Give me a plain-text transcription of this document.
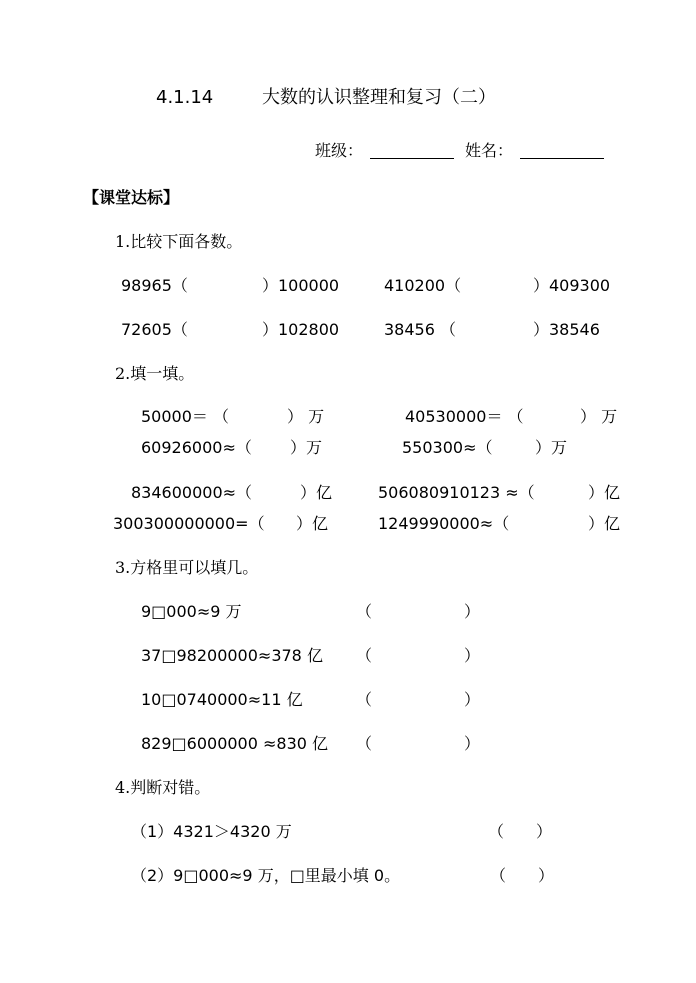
4.1.14	大数的认识整理和复习（二）
班级：	姓名：
【课堂达标】
1.比较下面各数。
98965（	）100000	410200（	）409300
72605（	）102800	38456 （	）38546
2.填一填。
50000＝ （	） 万	40530000＝ （	） 万
60926000≈（ ）万	550300≈（	）万
834600000≈（	）亿	506080910123 ≈（	）亿
300300000000=（ ）亿	1249990000≈（	）亿
3.方格里可以填几。
9□000≈9 万	（	）
37□98200000≈378 亿 （	）
10□0740000≈11 亿	（	）
829□6000000 ≈830 亿 （	）
4.判断对错。
（1）4321＞4320 万	（　　）
（2）9□000≈9 万，□里最小填 0。	（　　）
